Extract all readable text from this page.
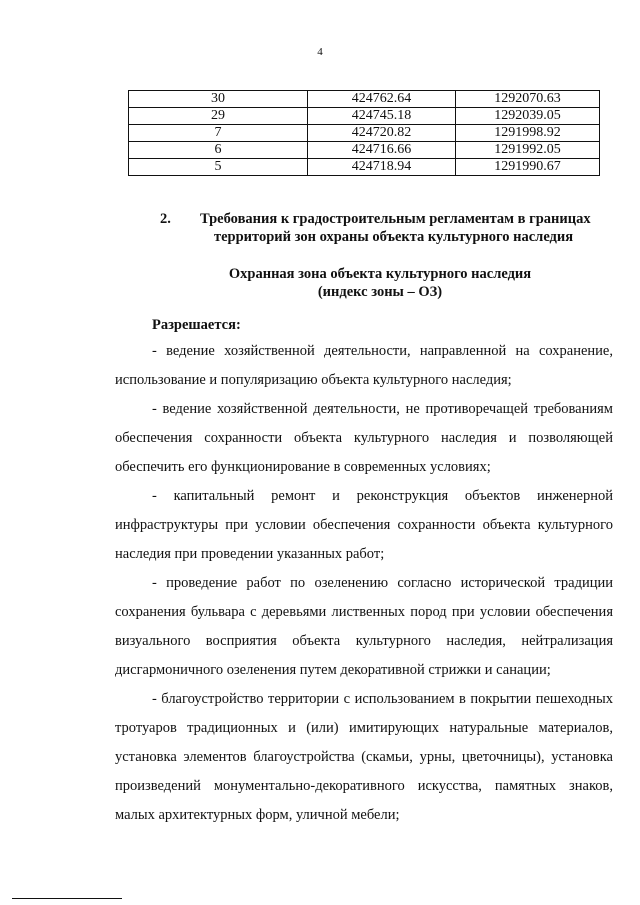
4
30	424762.64	1292070.63
29	424745.18	1292039.05
7	424720.82	1291998.92
6	424716.66	1291992.05
5	424718.94	1291990.67
2.	Требования к градостроительным регламентам в границах
территорий зон охраны объекта культурного наследия
Охранная зона объекта культурного наследия
(индекс зоны – ОЗ)
Разрешается:

- ведение хозяйственной деятельности, направленной на сохранение, использование и популяризацию объекта культурного наследия;

- ведение хозяйственной деятельности, не противоречащей требованиям обеспечения сохранности объекта культурного наследия и позволяющей обеспечить его функционирование в современных условиях;

- капитальный ремонт и реконструкция объектов инженерной инфраструктуры при условии обеспечения сохранности объекта культурного наследия при проведении указанных работ;

- проведение работ по озеленению согласно исторической традиции сохранения бульвара с деревьями лиственных пород при условии обеспечения визуального восприятия объекта культурного наследия, нейтрализация дисгармоничного озеленения путем декоративной стрижки и санации;

- благоустройство территории с использованием в покрытии пешеходных тротуаров традиционных и (или) имитирующих натуральные материалов, установка элементов благоустройства (скамьи, урны, цветочницы), установка произведений монументально-декоративного искусства, памятных знаков, малых архитектурных форм, уличной мебели;
